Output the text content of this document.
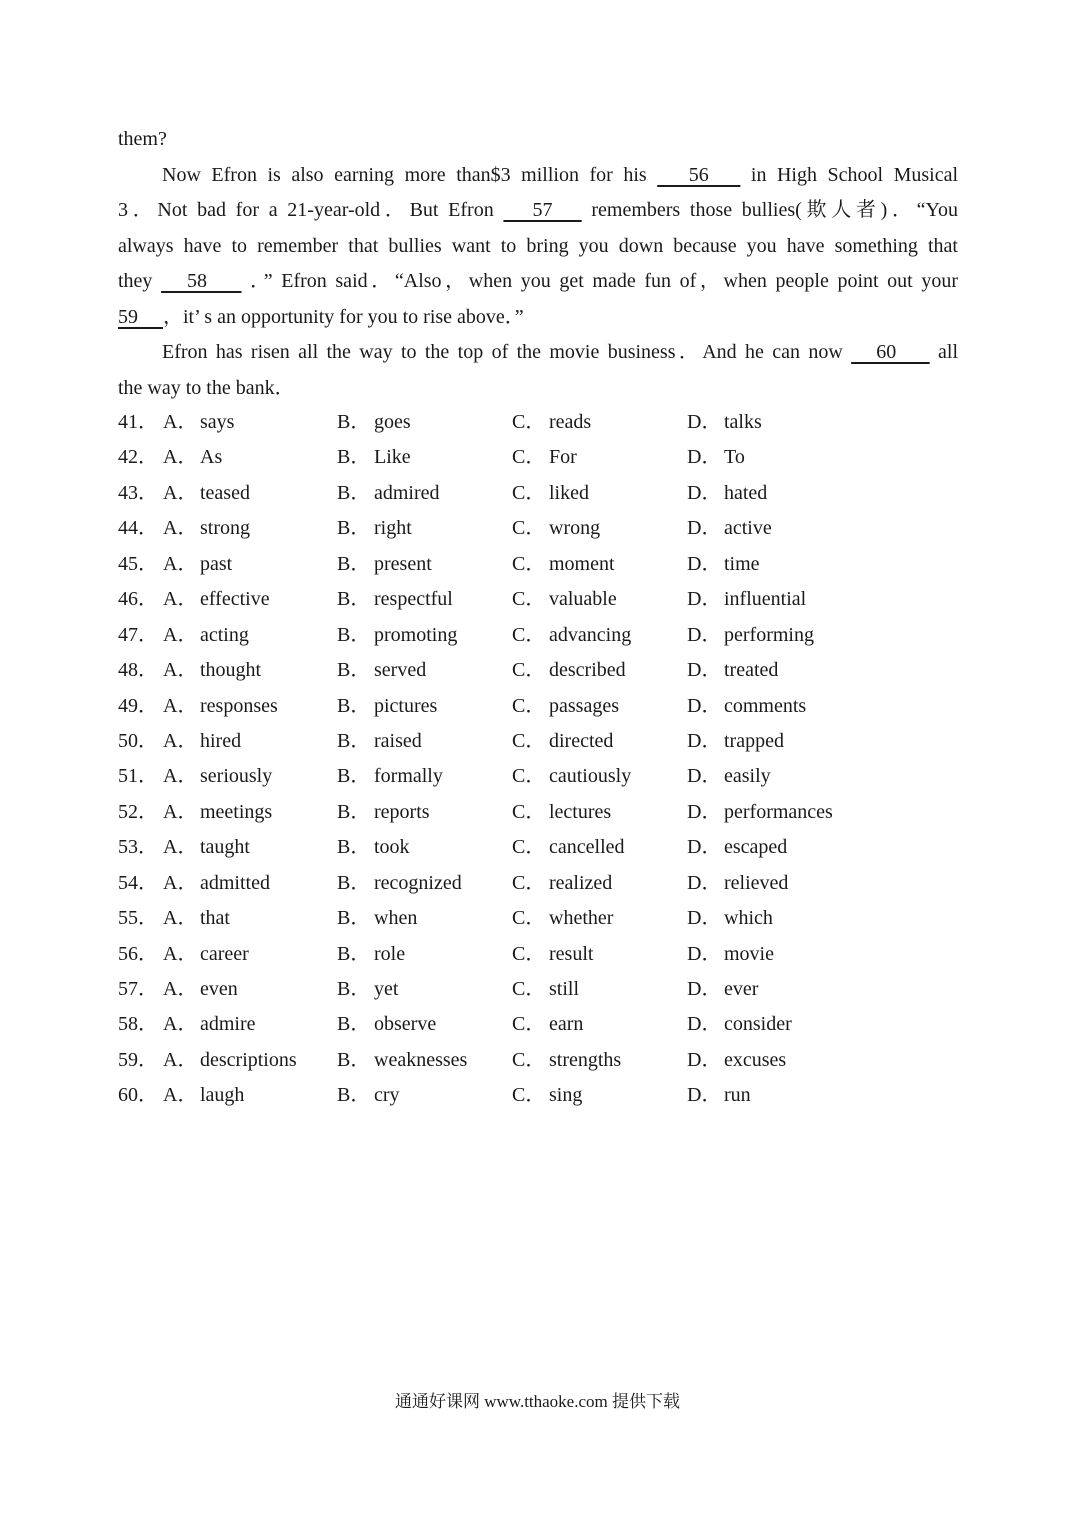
them?
Now Efron is also earning more than$3 million for his    56    in High School Musical
3．Not bad for a 21-year-old．But Efron    57    remembers those bullies(欺人者)．“You
always have to remember that bullies want to bring you down because you have something that
they    58     ．” Efron said．“Also，when you get made fun of，when people point out your
59     ，it’ s an opportunity for you to rise above．”
Efron has risen all the way to the top of the movie business．And he can now    60     all
the way to the bank．
41． A． says	B． goes	C． reads	D． talks
42． A． As	B． Like	C． For	D． To
43． A． teased	B． admired	C． liked	D． hated
44． A． strong	B． right	C． wrong	D． active
45． A． past	B． present	C． moment	D． time
46． A． effective	B． respectful	C． valuable	D． influential
47． A． acting	B． promoting	C． advancing	D． performing
48． A． thought	B． served	C． described	D． treated
49． A． responses	B． pictures	C． passages	D． comments
50． A． hired	B． raised	C． directed	D． trapped
51． A． seriously	B． formally	C． cautiously	D． easily
52． A． meetings	B． reports	C． lectures	D． performances
53． A． taught	B． took	C． cancelled	D． escaped
54． A． admitted	B． recognized	C． realized	D． relieved
55． A． that	B． when	C． whether	D． which
56． A． career	B． role	C． result	D． movie
57． A． even	B． yet	C． still	D． ever
58． A． admire	B． observe	C． earn	D． consider
59． A． descriptions B． weaknesses C． strengths	D． excuses
60． A． laugh	B． cry	C． sing	D． run
通通好课网 www.tthaoke.com 提供下载
